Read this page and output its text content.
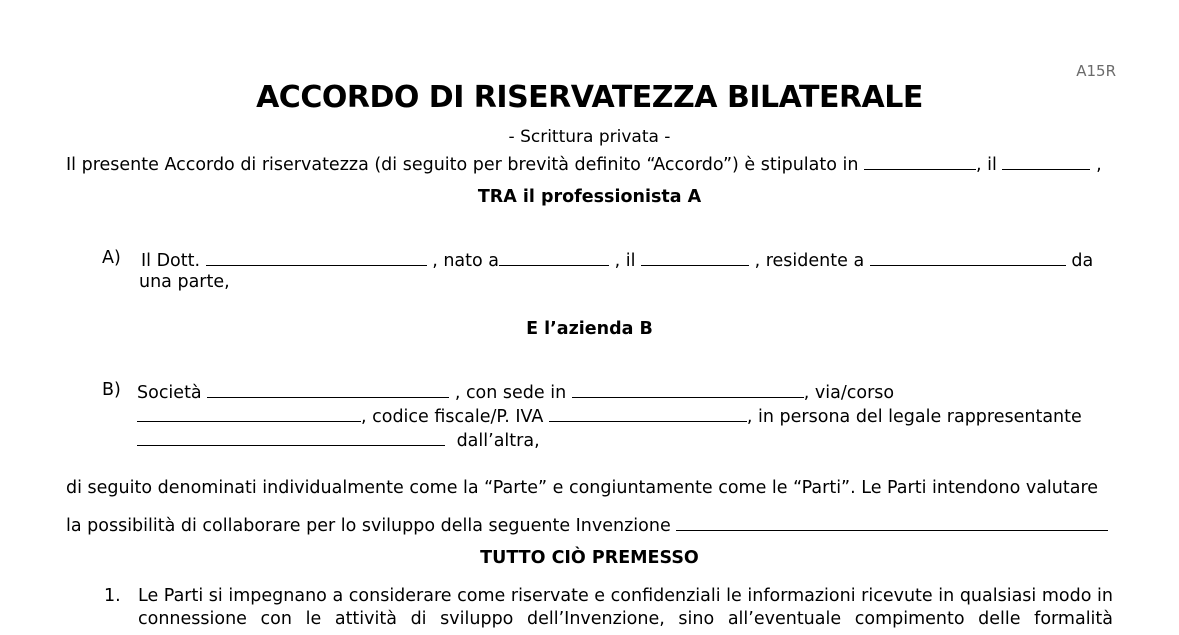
A15R
ACCORDO DI RISERVATEZZA BILATERALE
- Scrittura privata -
Il presente Accordo di riservatezza (di seguito per brevità definito “Accordo”) è stipulato in	, il	,
TRA il professionista A
A) Il Dott.	, nato a	, il	, residente a	da
una parte,
E l’azienda B
B) Società	, con sede in	, via/corso
, codice fiscale/P. IVA	, in persona del legale rappresentante
dall’altra,
di seguito denominati individualmente come la “Parte” e congiuntamente come le “Parti”. Le Parti intendono valutare
la possibilità di collaborare per lo sviluppo della seguente Invenzione
TUTTO CIÒ PREMESSO
1. Le Parti si impegnano a considerare come riservate e confidenziali le informazioni ricevute in qualsiasi modo in
connessione con le attività di sviluppo dell’Invenzione, sino all’eventuale compimento delle formalità
